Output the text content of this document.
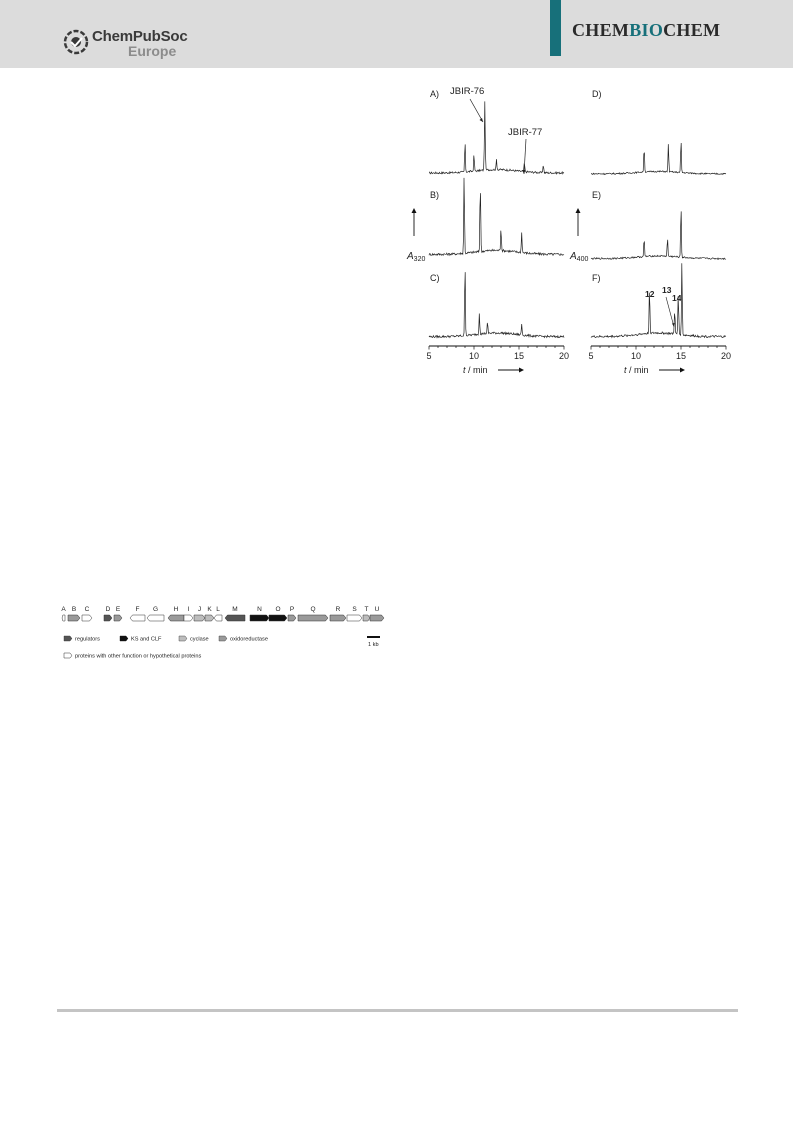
ChemPubSoc
Europe
CHEMBIOCHEM
A)
B)
C)
D)
E)
F)
JBIR-76
JBIR-77
12 13
14
$A_{320}$	$A_{400}$
5	10	15	20 5	10	15	20
t / min	t / min
A B C	D E F G H I J K L M	N O P	Q	R S T U
regulators	KS and CLF	cyclase	oxidoreductase
1 kb
proteins with other function or hypothetical proteins
